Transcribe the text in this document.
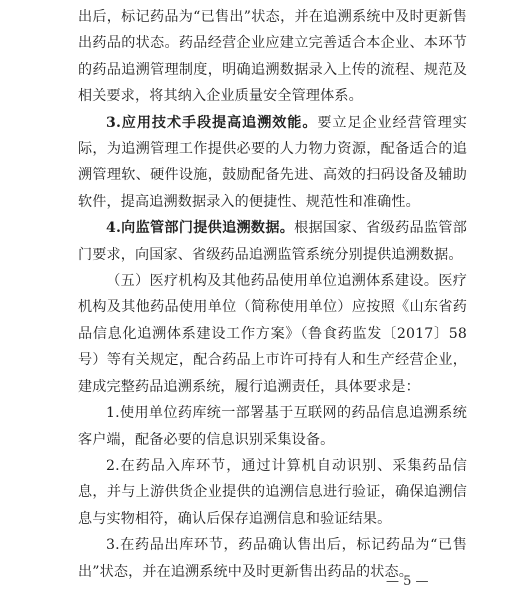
出后，标记药品为“已售出”状态，并在追溯系统中及时更新售出药品的状态。药品经营企业应建立完善适合本企业、本环节的药品追溯管理制度，明确追溯数据录入上传的流程、规范及相关要求，将其纳入企业质量安全管理体系。

3.应用技术手段提高追溯效能。要立足企业经营管理实际，为追溯管理工作提供必要的人力物力资源，配备适合的追溯管理软、硬件设施，鼓励配备先进、高效的扫码设备及辅助软件，提高追溯数据录入的便捷性、规范性和准确性。

4.向监管部门提供追溯数据。根据国家、省级药品监管部门要求，向国家、省级药品追溯监管系统分别提供追溯数据。

（五）医疗机构及其他药品使用单位追溯体系建设。医疗机构及其他药品使用单位（简称使用单位）应按照《山东省药品信息化追溯体系建设工作方案》（鲁食药监发〔2017〕58号）等有关规定，配合药品上市许可持有人和生产经营企业，建成完整药品追溯系统，履行追溯责任，具体要求是：

1.使用单位药库统一部署基于互联网的药品信息追溯系统客户端，配备必要的信息识别采集设备。

2.在药品入库环节，通过计算机自动识别、采集药品信息，并与上游供货企业提供的追溯信息进行验证，确保追溯信息与实物相符，确认后保存追溯信息和验证结果。

3.在药品出库环节，药品确认售出后，标记药品为“已售出”状态，并在追溯系统中及时更新售出药品的状态。

— 5 —
